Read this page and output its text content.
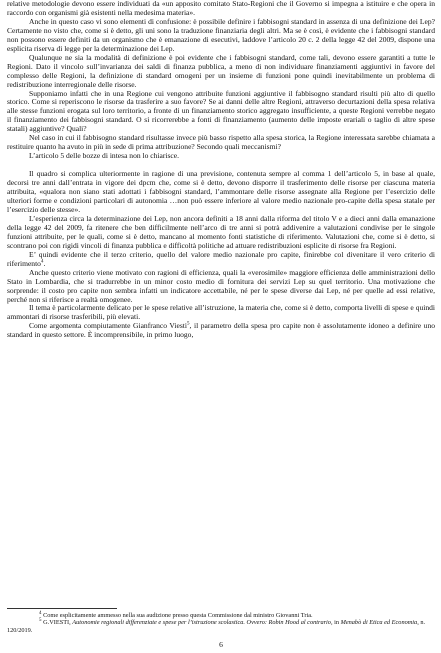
relative metodologie devono essere individuati da «un apposito comitato Stato-Regioni che il Governo si impegna a istituire e che opera in raccordo con organismi già esistenti nella medesima materia».

Anche in questo caso vi sono elementi di confusione: è possibile definire i fabbisogni standard in assenza di una definizione dei Lep? Certamente no visto che, come si è detto, gli uni sono la traduzione finanziaria degli altri. Ma se è così, è evidente che i fabbisogni standard non possono essere definiti da un organismo che è emanazione di esecutivi, laddove l’articolo 20 c. 2 della legge 42 del 2009, dispone una esplicita riserva di legge per la determinazione dei Lep.

Qualunque ne sia la modalità di definizione è poi evidente che i fabbisogni standard, come tali, devono essere garantiti a tutte le Regioni. Dato il vincolo sull’invarianza dei saldi di finanza pubblica, a meno di non individuare finanziamenti aggiuntivi in favore del complesso delle Regioni, la definizione di standard omogeni per un insieme di funzioni pone quindi inevitabilmente un problema di redistribuzione interregionale delle risorse.

Supponiamo infatti che in una Regione cui vengono attribuite funzioni aggiuntive il fabbisogno standard risulti più alto di quello storico. Come si reperiscono le risorse da trasferire a suo favore? Se ai danni delle altre Regioni, attraverso decurtazioni della spesa relativa alle stesse funzioni erogata sul loro territorio, a fronte di un finanziamento storico aggregato insufficiente, a queste Regioni verrebbe negato il finanziamento dei fabbisogni standard. O si ricorrerebbe a fonti di finanziamento (aumento delle imposte erariali o taglio di altre spese statali) aggiuntive? Quali?

Nel caso in cui il fabbisogno standard risultasse invece più basso rispetto alla spesa storica, la Regione interessata sarebbe chiamata a restituire quanto ha avuto in più in sede di prima attribuzione? Secondo quali meccanismi?

L’articolo 5 delle bozze di intesa non lo chiarisce.

Il quadro si complica ulteriormente in ragione di una previsione, contenuta sempre al comma 1 dell’articolo 5, in base al quale, decorsi tre anni dall’entrata in vigore dei dpcm che, come si è detto, devono disporre il trasferimento delle risorse per ciascuna materia attribuita, «qualora non siano stati adottati i fabbisogni standard, l’ammontare delle risorse assegnate alla Regione per l’esercizio delle ulteriori forme e condizioni particolari di autonomia …non può essere inferiore al valore medio nazionale pro-capite della spesa statale per l’esercizio delle stesse».

L’esperienza circa la determinazione dei Lep, non ancora definiti a 18 anni dalla riforma del titolo V e a dieci anni dalla emanazione della legge 42 del 2009, fa ritenere che ben difficilmente nell’arco di tre anni si potrà addivenire a valutazioni condivise per le singole funzioni attribuite, per le quali, come si è detto, mancano al momento fonti statistiche di riferimento. Valutazioni che, come si è detto, si scontrano poi con rigidi vincoli di finanza pubblica e difficoltà politiche ad attuare redistribuzioni esplicite di risorse fra Regioni.

E’ quindi evidente che il terzo criterio, quello del valore medio nazionale pro capite, finirebbe col divenitare il vero criterio di riferimento$^4$.

Anche questo criterio viene motivato con ragioni di efficienza, quali la «verosimile» maggiore efficienza delle amministrazioni dello Stato in Lombardia, che si tradurrebbe in un minor costo medio di fornitura dei servizi Lep su quel territorio. Una motivazione che sorprende: il costo pro capite non sembra infatti un indicatore accettabile, né per le spese diverse dai Lep, né per quelle ad essi relative, perché non si riferisce a realtà omogenee.

Il tema è particolarmente delicato per le spese relative all’istruzione, la materia che, come si è detto, comporta livelli di spese e quindi ammontari di risorse trasferibili, più elevati.

Come argomenta compiutamente Gianfranco Viesti$^5$, il parametro della spesa pro capite non è assolutamente idoneo a definire uno standard in questo settore. È incomprensibile, in primo luogo,

$^4$ Come esplicitamente ammesso nella sua audizione presso questa Commissione dal ministro Giovanni Tria.

$^5$ G.VIESTI, Autonomie regionali differenziate e spese per l’istruzione scolastica. Ovvero: Robin Hood al contrario, in Menabò di Etica ed Economia, n. 120/2019.

6
